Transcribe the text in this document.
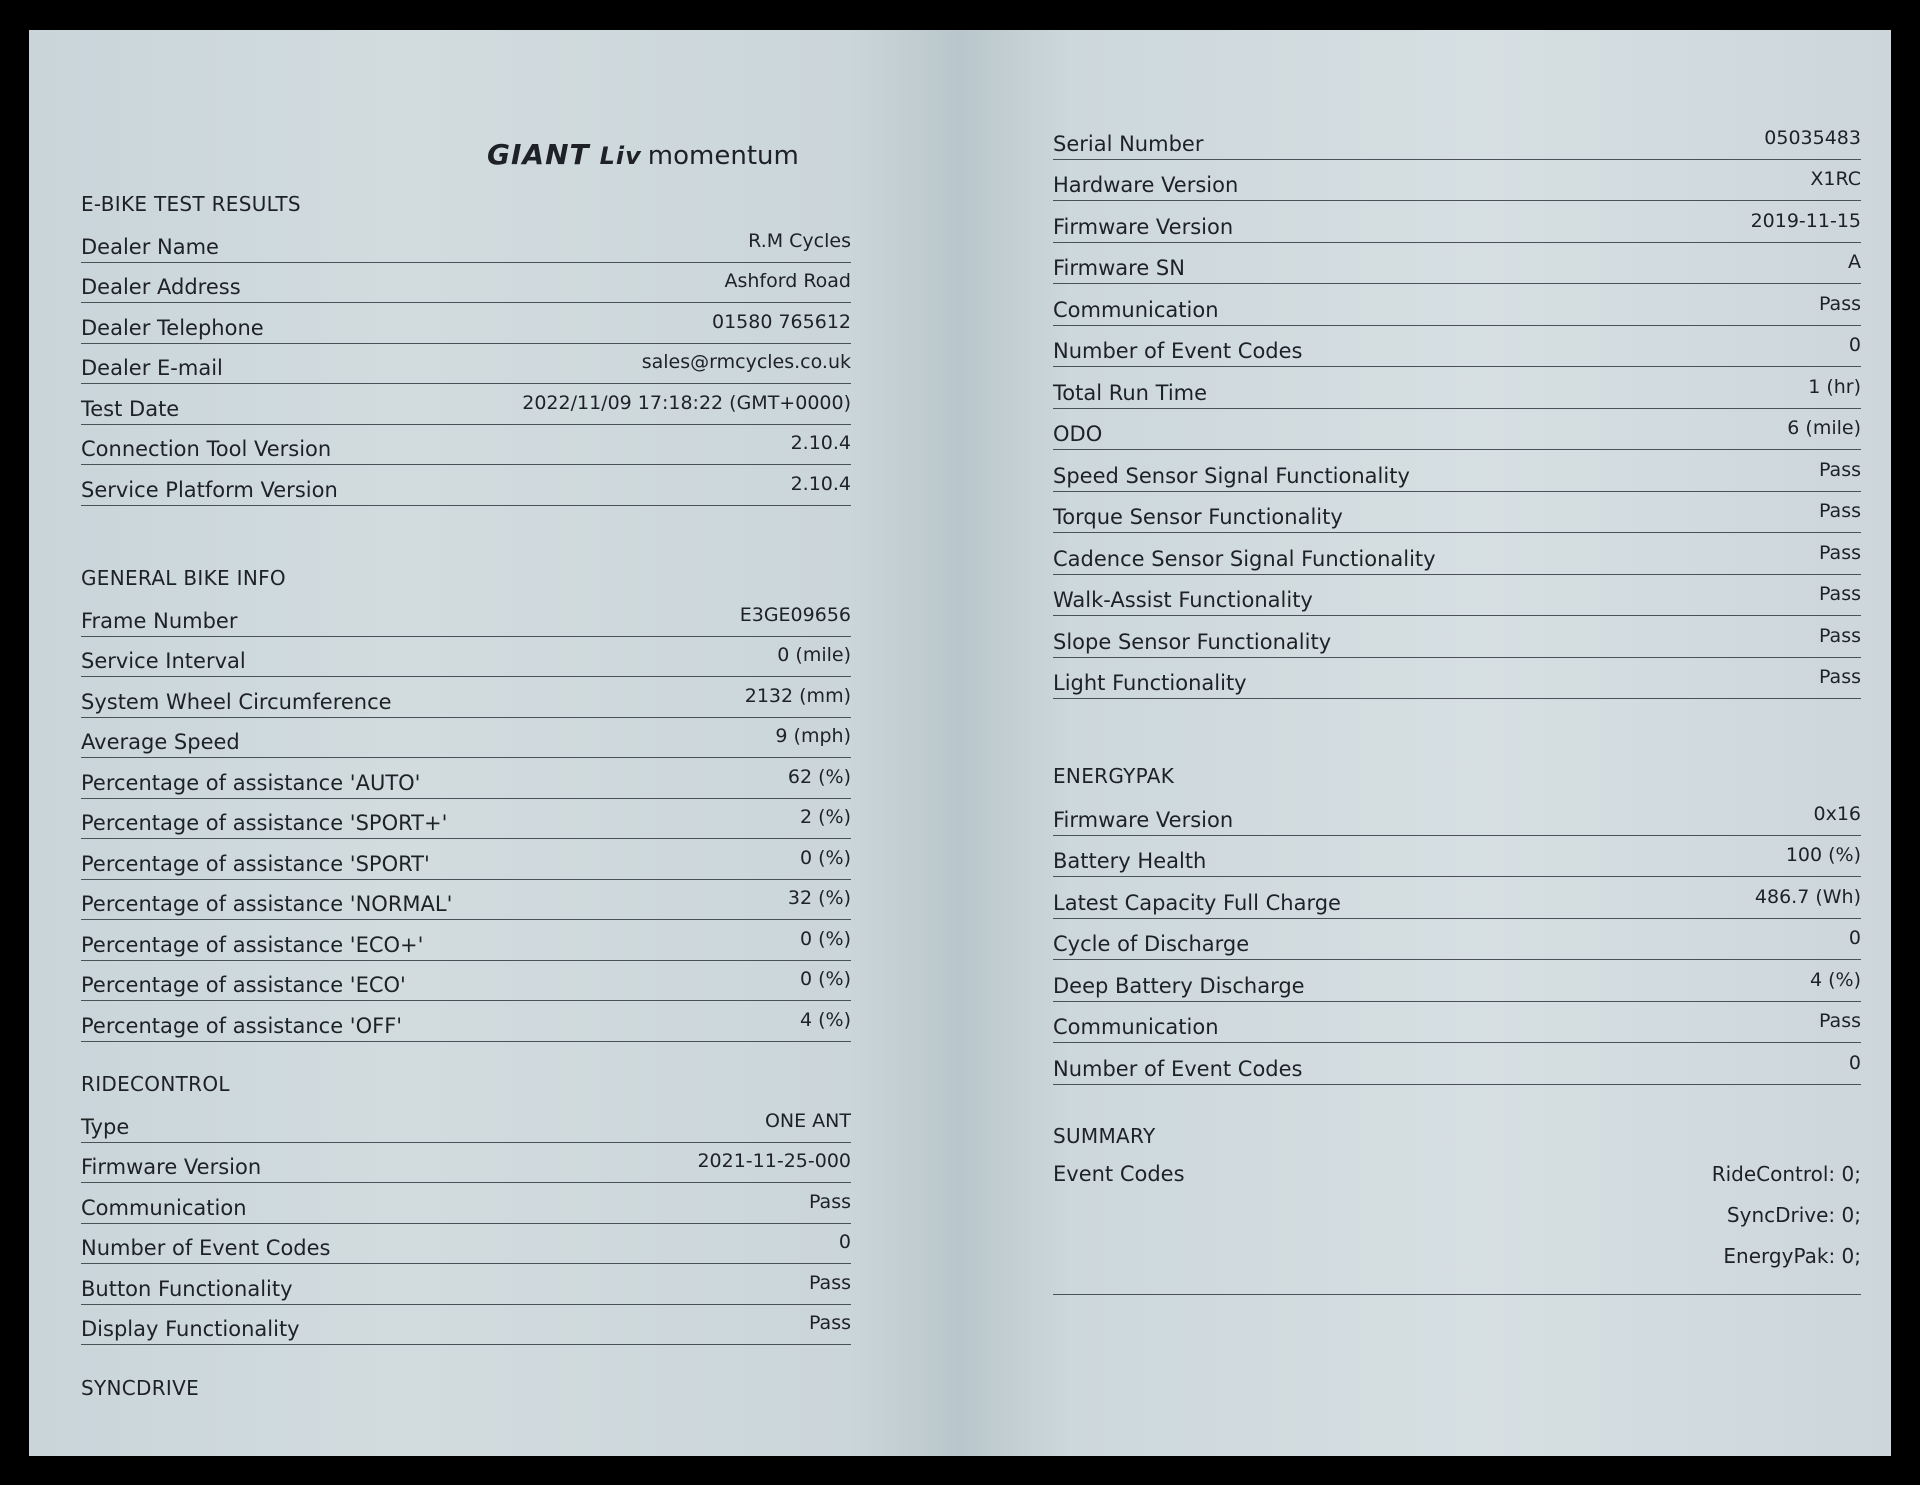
GIANT Liv momentum
E-BIKE TEST RESULTS
Dealer Name	R.M Cycles
Dealer Address	Ashford Road
Dealer Telephone	01580 765612
Dealer E-mail	sales@rmcycles.co.uk
Test Date	2022/11/09 17:18:22 (GMT+0000)
Connection Tool Version	2.10.4
Service Platform Version	2.10.4
GENERAL BIKE INFO
Frame Number	E3GE09656
Service Interval	0 (mile)
System Wheel Circumference	2132 (mm)
Average Speed	9 (mph)
Percentage of assistance 'AUTO'	62 (%)
Percentage of assistance 'SPORT+'	2 (%)
Percentage of assistance 'SPORT'	0 (%)
Percentage of assistance 'NORMAL'	32 (%)
Percentage of assistance 'ECO+'	0 (%)
Percentage of assistance 'ECO'	0 (%)
Percentage of assistance 'OFF'	4 (%)
RIDECONTROL
Type	ONE ANT
Firmware Version	2021-11-25-000
Communication	Pass
Number of Event Codes	0
Button Functionality	Pass
Display Functionality	Pass
SYNCDRIVE
Serial Number	05035483
Hardware Version	X1RC
Firmware Version	2019-11-15
Firmware SN	A
Communication	Pass
Number of Event Codes	0
Total Run Time	1 (hr)
ODO	6 (mile)
Speed Sensor Signal Functionality	Pass
Torque Sensor Functionality	Pass
Cadence Sensor Signal Functionality	Pass
Walk-Assist Functionality	Pass
Slope Sensor Functionality	Pass
Light Functionality	Pass
ENERGYPAK
Firmware Version	0x16
Battery Health	100 (%)
Latest Capacity Full Charge	486.7 (Wh)
Cycle of Discharge	0
Deep Battery Discharge	4 (%)
Communication	Pass
Number of Event Codes	0
SUMMARY
Event Codes	RideControl: 0;
SyncDrive: 0;
EnergyPak: 0;
